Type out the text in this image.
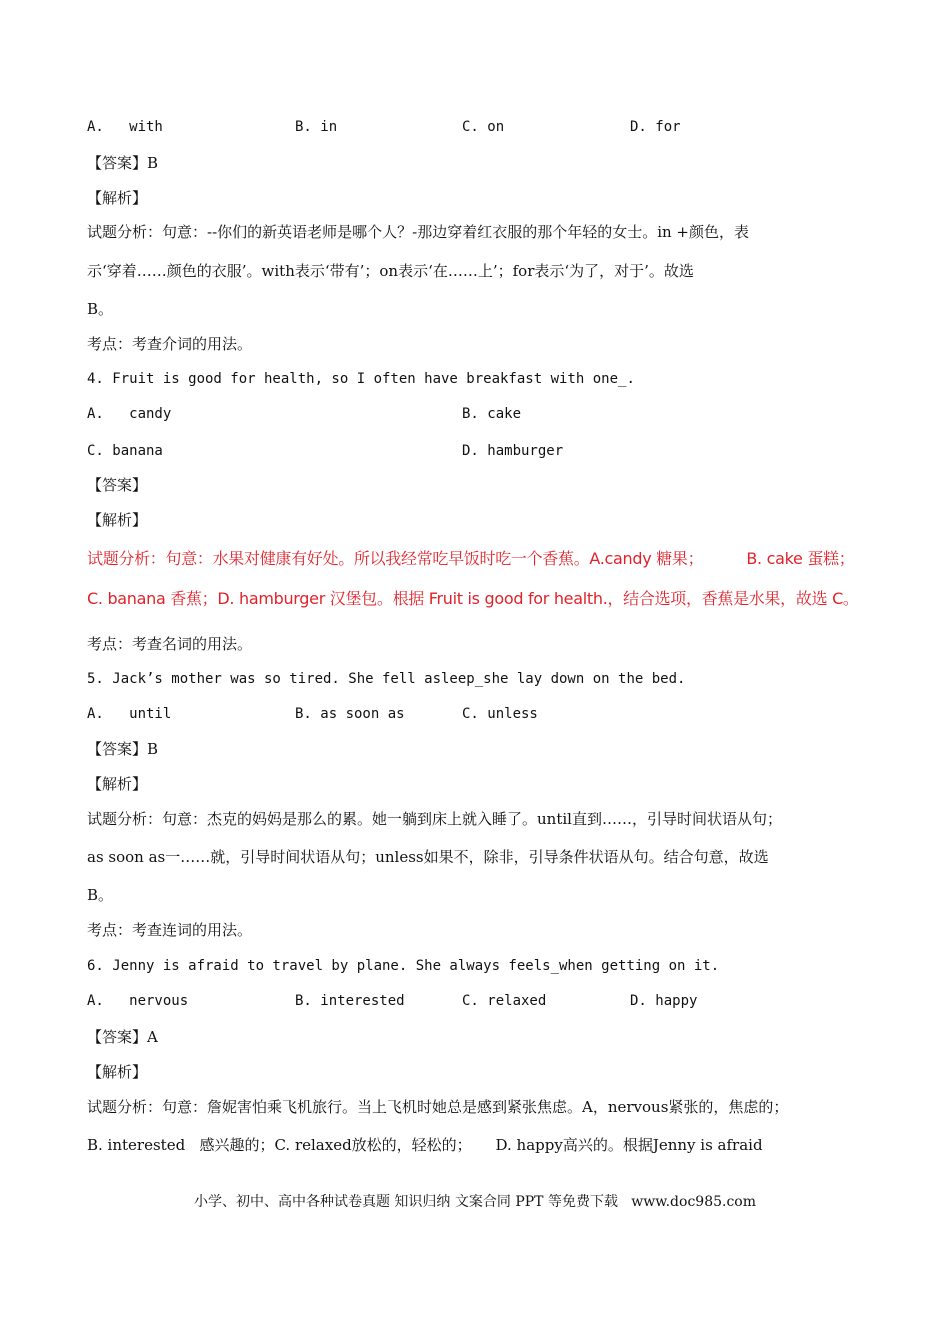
A.   with	B. in	C. on	D. for
【答案】B
【解析】
试题分析：句意：--你们的新英语老师是哪个人？-那边穿着红衣服的那个年轻的女士。in +颜色，表
示‘穿着……颜色的衣服’。with表示‘带有’；on表示‘在……上’；for表示‘为了，对于’。故选
B。
考点：考查介词的用法。
4. Fruit is good for health, so I often have breakfast with one_.
A.   candy	B. cake
C. banana	D. hamburger
【答案】
【解析】
试题分析：句意：水果对健康有好处。所以我经常吃早饭时吃一个香蕉。A.candy 糖果；         B. cake 蛋糕；
C. banana 香蕉；D. hamburger 汉堡包。根据 Fruit is good for health.，结合选项，香蕉是水果，故选 C。
考点：考查名词的用法。
5. Jack’s mother was so tired. She fell asleep_she lay down on the bed.
A.   until	B. as soon as	C. unless
【答案】B
【解析】
试题分析：句意：杰克的妈妈是那么的累。她一躺到床上就入睡了。until直到……，引导时间状语从句；
as soon as一……就，引导时间状语从句；unless如果不，除非，引导条件状语从句。结合句意，故选
B。
考点：考查连词的用法。
6. Jenny is afraid to travel by plane. She always feels_when getting on it.
A.   nervous	B. interested	C. relaxed	D. happy
【答案】A
【解析】
试题分析：句意：詹妮害怕乘飞机旅行。当上飞机时她总是感到紧张焦虑。A，nervous紧张的，焦虑的；
B. interested   感兴趣的；C. relaxed放松的，轻松的；     D. happy高兴的。根据Jenny is afraid
小学、初中、高中各种试卷真题 知识归纳 文案合同 PPT 等免费下载   www.doc985.com
